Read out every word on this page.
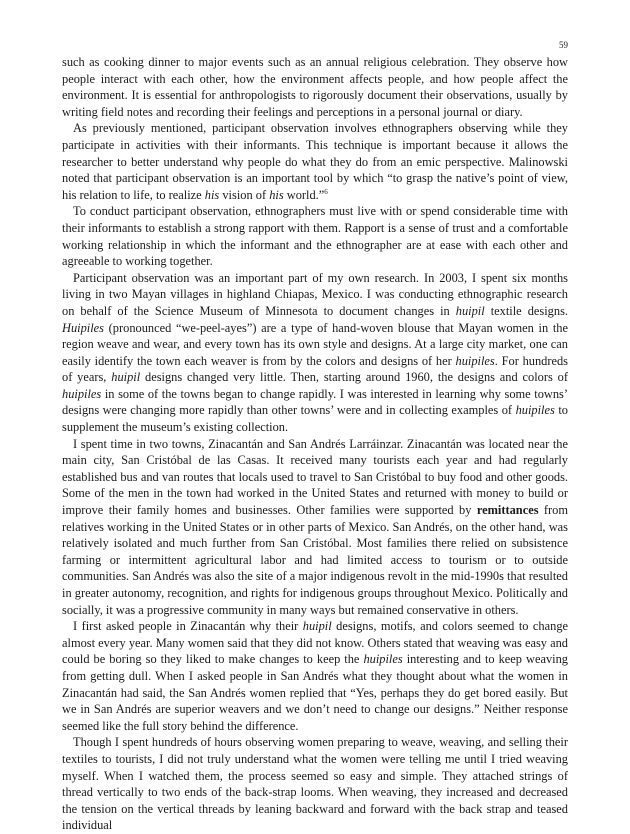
59

such as cooking dinner to major events such as an annual religious celebration. They observe how people interact with each other, how the environment affects people, and how people affect the environment. It is essential for anthropologists to rigorously document their observations, usually by writing field notes and recording their feelings and perceptions in a personal journal or diary.

As previously mentioned, participant observation involves ethnographers observing while they participate in activities with their informants. This technique is important because it allows the researcher to better understand why people do what they do from an emic perspective. Malinowski noted that participant observation is an important tool by which “to grasp the native’s point of view, his relation to life, to realize his vision of his world.”$^6$

To conduct participant observation, ethnographers must live with or spend considerable time with their informants to establish a strong rapport with them. Rapport is a sense of trust and a comfortable working relationship in which the informant and the ethnographer are at ease with each other and agreeable to working together.

Participant observation was an important part of my own research. In 2003, I spent six months living in two Mayan villages in highland Chiapas, Mexico. I was conducting ethnographic research on behalf of the Science Museum of Minnesota to document changes in huipil textile designs. Huipiles (pronounced “we-peel-ayes”) are a type of hand-woven blouse that Mayan women in the region weave and wear, and every town has its own style and designs. At a large city market, one can easily identify the town each weaver is from by the colors and designs of her huipiles. For hundreds of years, huipil designs changed very little. Then, starting around 1960, the designs and colors of huipiles in some of the towns began to change rapidly. I was interested in learning why some towns’ designs were changing more rapidly than other towns’ were and in collecting examples of huipiles to supplement the museum’s existing collection.

I spent time in two towns, Zinacantán and San Andrés Larráinzar. Zinacantán was located near the main city, San Cristóbal de las Casas. It received many tourists each year and had regularly established bus and van routes that locals used to travel to San Cristóbal to buy food and other goods. Some of the men in the town had worked in the United States and returned with money to build or improve their family homes and businesses. Other families were supported by remittances from relatives working in the United States or in other parts of Mexico. San Andrés, on the other hand, was relatively isolated and much further from San Cristóbal. Most families there relied on subsistence farming or intermittent agricultural labor and had limited access to tourism or to outside communities. San Andrés was also the site of a major indigenous revolt in the mid-1990s that resulted in greater autonomy, recognition, and rights for indigenous groups throughout Mexico. Politically and socially, it was a progressive community in many ways but remained conservative in others.

I first asked people in Zinacantán why their huipil designs, motifs, and colors seemed to change almost every year. Many women said that they did not know. Others stated that weaving was easy and could be boring so they liked to make changes to keep the huipiles interesting and to keep weaving from getting dull. When I asked people in San Andrés what they thought about what the women in Zinacantán had said, the San Andrés women replied that “Yes, perhaps they do get bored easily. But we in San Andrés are superior weavers and we don’t need to change our designs.” Neither response seemed like the full story behind the difference.

Though I spent hundreds of hours observing women preparing to weave, weaving, and selling their textiles to tourists, I did not truly understand what the women were telling me until I tried weaving myself. When I watched them, the process seemed so easy and simple. They attached strings of thread vertically to two ends of the back-strap looms. When weaving, they increased and decreased the tension on the vertical threads by leaning backward and forward with the back strap and teased individual
